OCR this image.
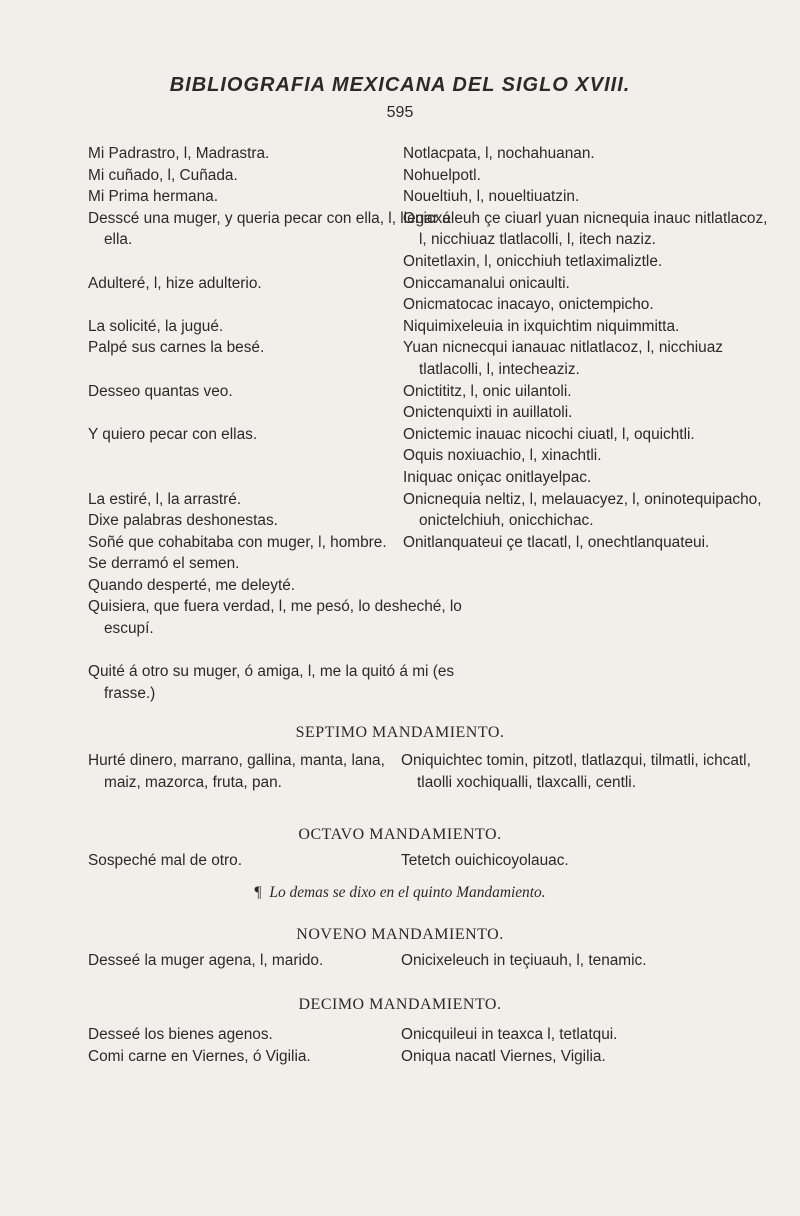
BIBLIOGRAFIA MEXICANA DEL SIGLO XVIII.
595
Mi Padrastro, l, Madrastra.
Mi cuñado, l, Cuñada.
Mi Prima hermana.
Desscé una muger, y queria pecar con ella, l, llegar á ella.
Adulteré, l, hize adulterio.
La solicité, la jugué.
Palpé sus carnes la besé.
Desseo quantas veo.
Y quiero pecar con ellas.
La estiré, l, la arrastré.
Dixe palabras deshonestas.
Soñé que cohabitaba con muger, l, hombre.
Se derramó el semen.
Quando desperté, me deleyté.
Quisiera, que fuera verdad, l, me pesó, lo desheché, lo escupí.
Quité á otro su muger, ó amiga, l, me la quitó á mi (es frasse.)
Notlacpata, l, nochahuanan.
Nohuelpotl.
Noueltiuh, l, noueltiuatzin.
Onicxeleuh çe ciuarl yuan nicnequia inauc nitlatlacoz, l, nicchiuaz tlatlacolli, l, itech naziz.
Onitetlaxin, l, onicchiuh tetlaximaliztle.
Oniccamanalui onicaulti.
Onicmatocac inacayo, onictempicho.
Niquimixeleuia in ixquichtim niquimmitta.
Yuan nicnecqui ianauac nitlatlacoz, l, nicchiuaz tlatlacolli, l, intecheaziz.
Onictititz, l, onic uilantoli.
Onictenquixti in auillatoli.
Onictemic inauac nicochi ciuatl, l, oquichtli.
Oquis noxiuachio, l, xinachtli.
Iniquac oniçac onitlayelpac.
Onicnequia neltiz, l, melauacyez, l, oninotequipacho, onictelchiuh, onicchichac.
Onitlanquateui çe tlacatl, l, onechtlanquateui.
SEPTIMO MANDAMIENTO.
Hurté dinero, marrano, gallina, manta, lana, maiz, mazorca, fruta, pan.
Oniquichtec tomin, pitzotl, tlatlazqui, tilmatli, ichcatl, tlaolli xochiqualli, tlaxcalli, centli.
OCTAVO MANDAMIENTO.
Sospeché mal de otro.	Tetetch ouichicoyolauac.
¶ Lo demas se dixo en el quinto Mandamiento.
NOVENO MANDAMIENTO.
Desseé la muger agena, l, marido.	Onicixeleuch in teçiuauh, l, tenamic.
DECIMO MANDAMIENTO.
Desseé los bienes agenos.
Comi carne en Viernes, ó Vigilia.
Onicquileui in teaxca l, tetlatqui.
Oniqua nacatl Viernes, Vigilia.
